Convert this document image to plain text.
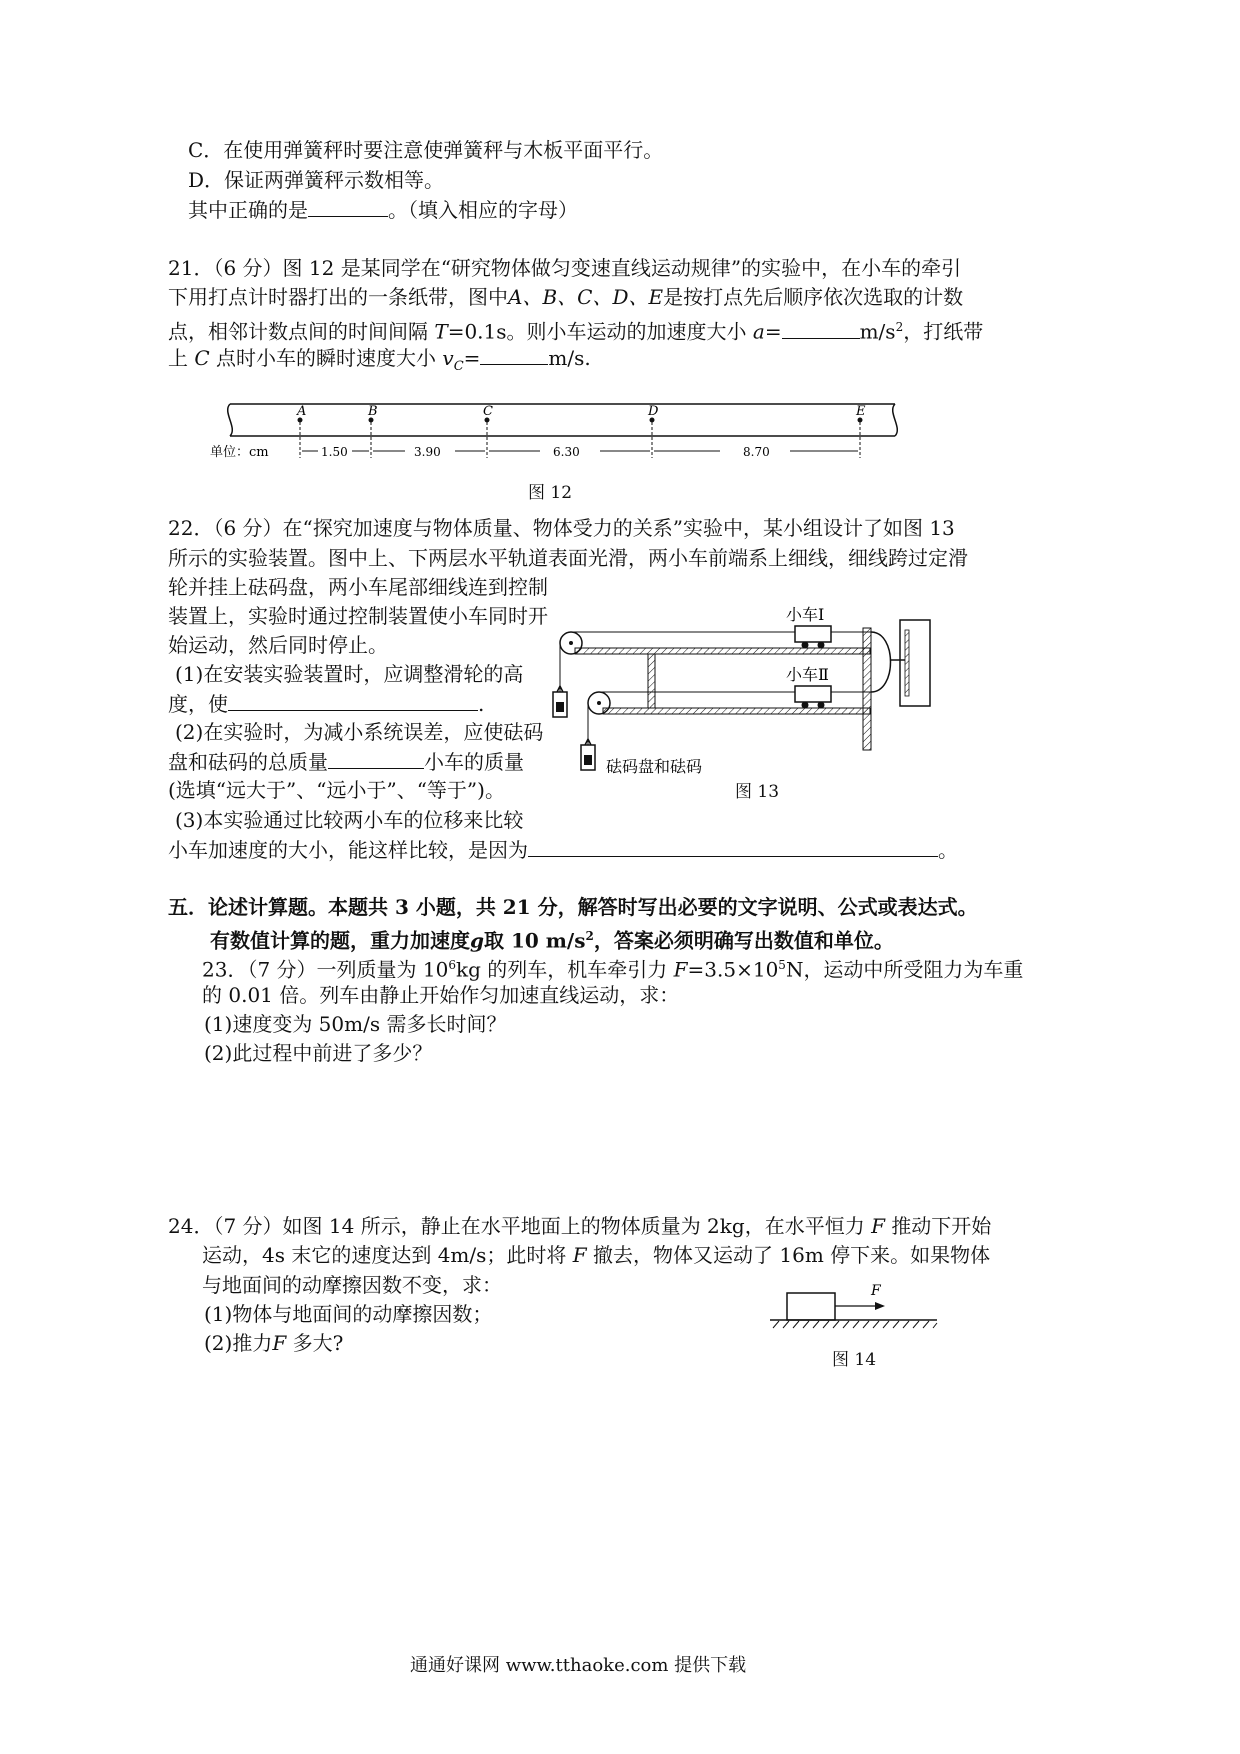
C．在使用弹簧秤时要注意使弹簧秤与木板平面平行。
D．保证两弹簧秤示数相等。
其中正确的是	。（填入相应的字母）
21．（6 分）图 12 是某同学在“研究物体做匀变速直线运动规律”的实验中，在小车的牵引
下用打点计时器打出的一条纸带，图中A、B、C、D、E是按打点先后顺序依次选取的计数
点，相邻计数点间的时间间隔 T=0.1s。则小车运动的加速度大小 a=	$m/s^2$，打纸带
上 C 点时小车的瞬时速度大小 $v_C=$	m/s.
A	B	C	D	E
单位：cm	1.50	3.90	6.30	8.70
图 12
22．（6 分）在“探究加速度与物体质量、物体受力的关系”实验中，某小组设计了如图 13
所示的实验装置。图中上、下两层水平轨道表面光滑，两小车前端系上细线，细线跨过定滑
轮并挂上砝码盘，两小车尾部细线连到控制
装置上，实验时通过控制装置使小车同时开
始运动，然后同时停止。
(1)在安装实验装置时，应调整滑轮的高
度，使	.
(2)在实验时，为减小系统误差，应使砝码
盘和砝码的总质量	小车的质量
(选填“远大于”、“远小于”、“等于”)。
(3)本实验通过比较两小车的位移来比较
小车加速度的大小，能这样比较，是因为	。
小车Ⅰ
小车Ⅱ
砝码盘和砝码
图 13
五．论述计算题。本题共 3 小题，共 21 分，解答时写出必要的文字说明、公式或表达式。
有数值计算的题，重力加速度g取 10 $m/s^2$，答案必须明确写出数值和单位。
23．（7 分）一列质量为 $10^6kg$ 的列车，机车牵引力 $F=3.5\times 10^5N$，运动中所受阻力为车重
的 0.01 倍。列车由静止开始作匀加速直线运动，求：
(1)速度变为 50m/s 需多长时间？
(2)此过程中前进了多少？
24．（7 分）如图 14 所示，静止在水平地面上的物体质量为 2kg，在水平恒力 F 推动下开始
运动，4s 末它的速度达到 4m/s；此时将 F 撤去，物体又运动了 16m 停下来。如果物体
与地面间的动摩擦因数不变，求：
(1)物体与地面间的动摩擦因数；
(2)推力F 多大?
F
图 14
通通好课网 www.tthaoke.com 提供下载
